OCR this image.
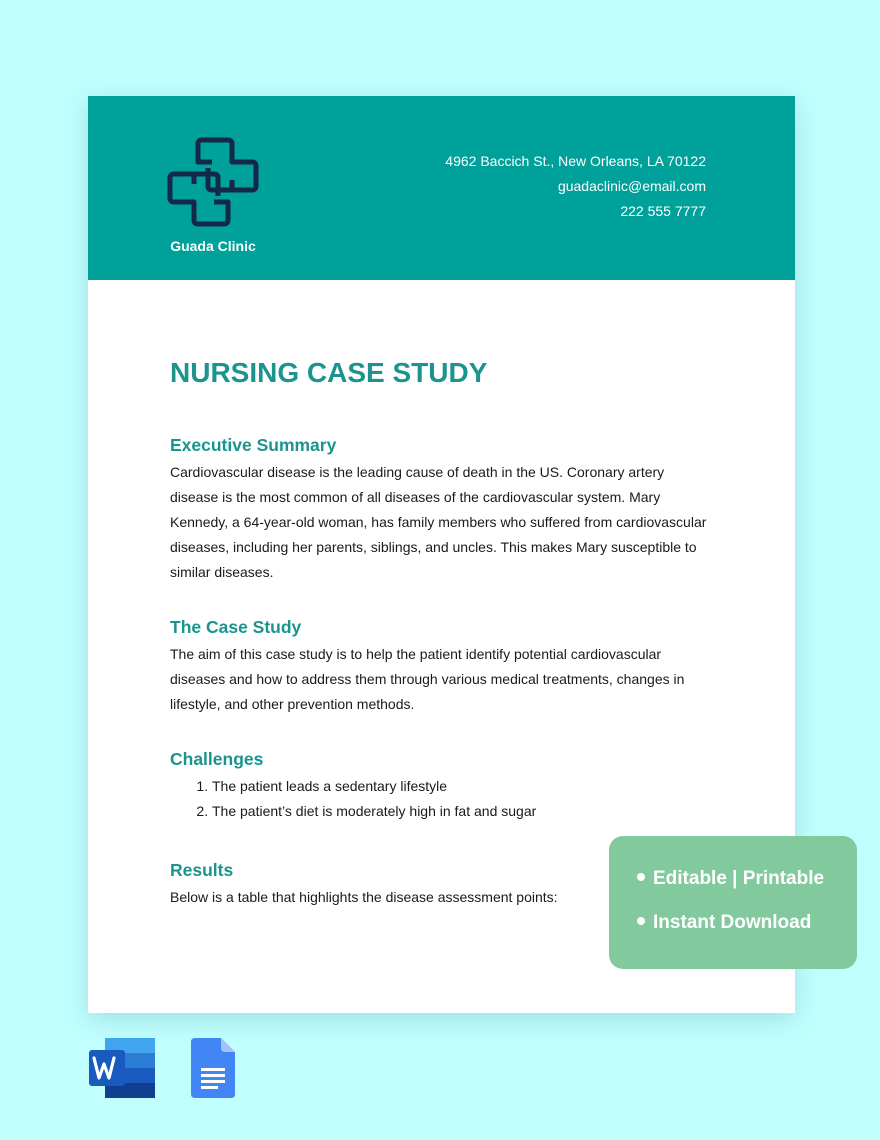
Guada Clinic
4962 Baccich St., New Orleans, LA 70122
guadaclinic@email.com
222 555 7777
NURSING CASE STUDY
Executive Summary

Cardiovascular disease is the leading cause of death in the US. Coronary artery disease is the most common of all diseases of the cardiovascular system. Mary Kennedy, a 64-year-old woman, has family members who suffered from cardiovascular diseases, including her parents, siblings, and uncles. This makes Mary susceptible to similar diseases.

The Case Study

The aim of this case study is to help the patient identify potential cardiovascular diseases and how to address them through various medical treatments, changes in lifestyle, and other prevention methods.

Challenges
1. The patient leads a sedentary lifestyle
2. The patient’s diet is moderately high in fat and sugar
Results

Below is a table that highlights the disease assessment points:

Editable | Printable
Instant Download
